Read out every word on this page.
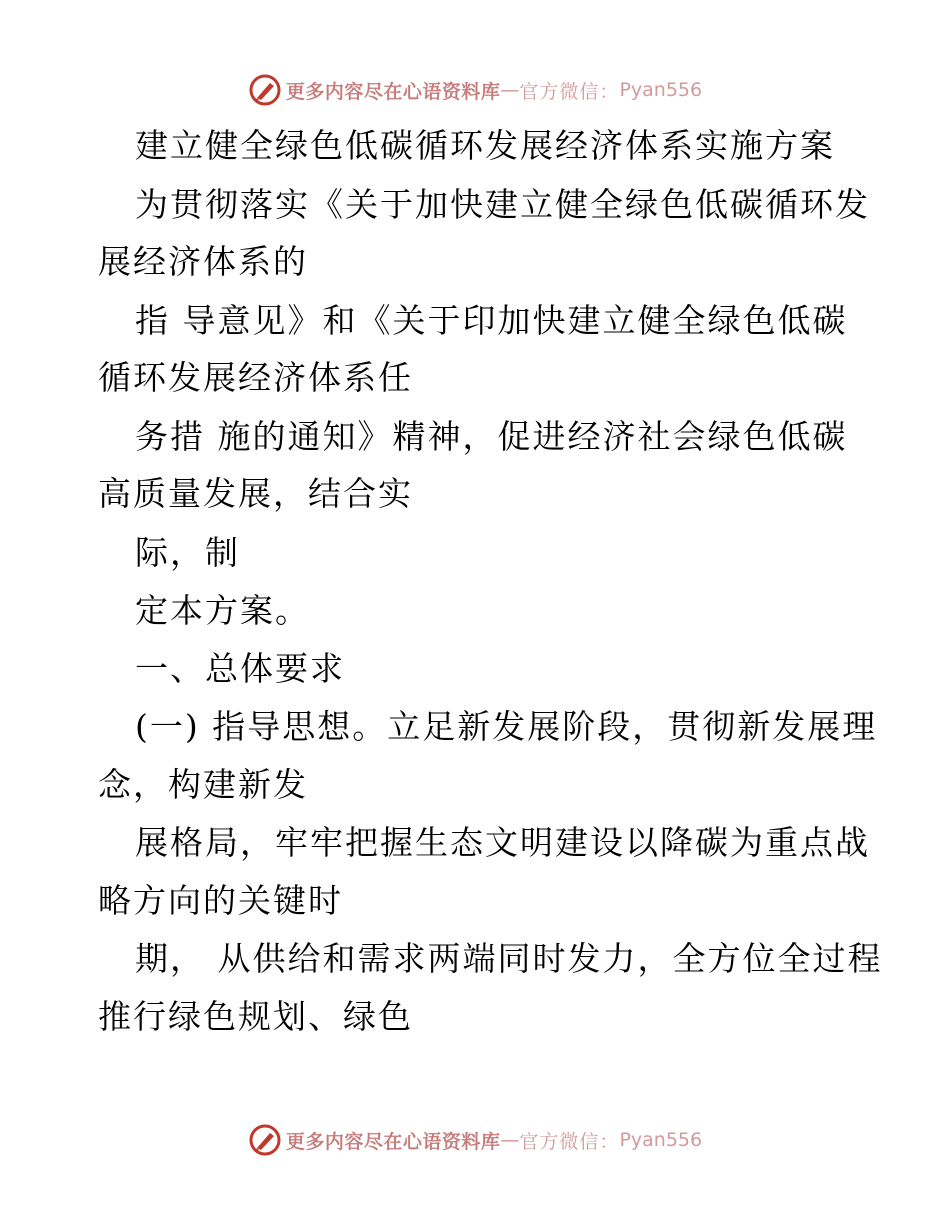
更多内容尽在心语资料库 — 官方微信： Pyan556
建立健全绿色低碳循环发展经济体系实施方案
为贯彻落实《关于加快建立健全绿色低碳循环发
展经济体系的
指 导意见》和《关于印加快建立健全绿色低碳
循环发展经济体系任
务措 施的通知》精神，促进经济社会绿色低碳
高质量发展，结合实
际，制
定本方案。
一、总体要求
(一) 指导思想。立足新发展阶段，贯彻新发展理
念，构建新发
展格局，牢牢把握生态文明建设以降碳为重点战
略方向的关键时
期， 从供给和需求两端同时发力，全方位全过程
推行绿色规划、绿色
更多内容尽在心语资料库 — 官方微信： Pyan556
